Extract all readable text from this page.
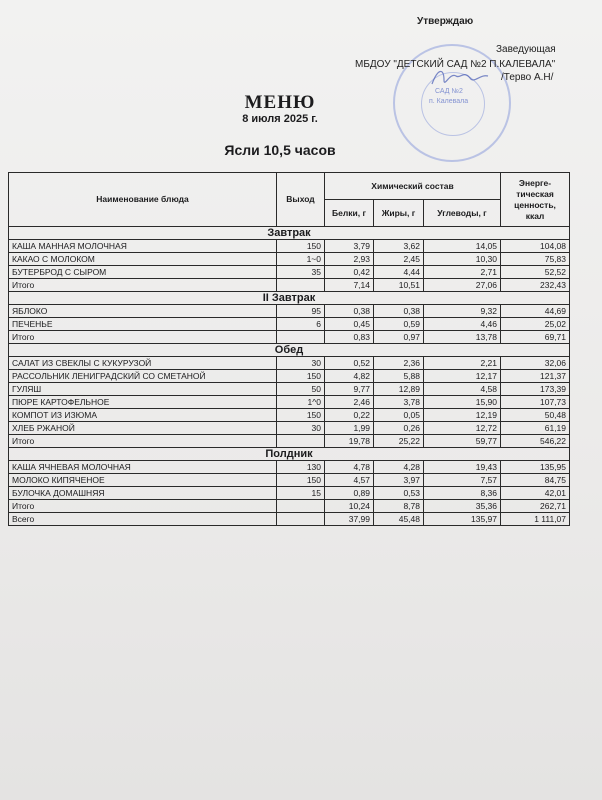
Утверждаю
САД №2
п. Калевала
Заведующая
МБДОУ "ДЕТСКИЙ САД №2 П.КАЛЕВАЛА"
/Терво А.Н/
МЕНЮ
8 июля 2025 г.
Ясли 10,5 часов
Наименование блюда	Выход	Химический состав			Энерге-тическая ценность, ккал
		Белки, г	Жиры, г	Углеводы, г	
Завтрак					
КАША МАННАЯ МОЛОЧНАЯ	150	3,79	3,62	14,05	104,08
КАКАО С МОЛОКОМ	1~0	2,93	2,45	10,30	75,83
БУТЕРБРОД С СЫРОМ	35	0,42	4,44	2,71	52,52
Итого		7,14	10,51	27,06	232,43
II Завтрак					
ЯБЛОКО	95	0,38	0,38	9,32	44,69
ПЕЧЕНЬЕ	6	0,45	0,59	4,46	25,02
Итого		0,83	0,97	13,78	69,71
Обед					
САЛАТ ИЗ СВЕКЛЫ С КУКУРУЗОЙ	30	0,52	2,36	2,21	32,06
РАССОЛЬНИК ЛЕНИГРАДСКИЙ СО СМЕТАНОЙ	150	4,82	5,88	12,17	121,37
ГУЛЯШ	50	9,77	12,89	4,58	173,39
ПЮРЕ КАРТОФЕЛЬНОЕ	1^0	2,46	3,78	15,90	107,73
КОМПОТ ИЗ ИЗЮМА	150	0,22	0,05	12,19	50,48
ХЛЕБ РЖАНОЙ	30	1,99	0,26	12,72	61,19
Итого		19,78	25,22	59,77	546,22
Полдник					
КАША ЯЧНЕВАЯ МОЛОЧНАЯ	130	4,78	4,28	19,43	135,95
МОЛОКО КИПЯЧЕНОЕ	150	4,57	3,97	7,57	84,75
БУЛОЧКА ДОМАШНЯЯ	15	0,89	0,53	8,36	42,01
Итого		10,24	8,78	35,36	262,71
Всего		37,99	45,48	135,97	1 111,07
